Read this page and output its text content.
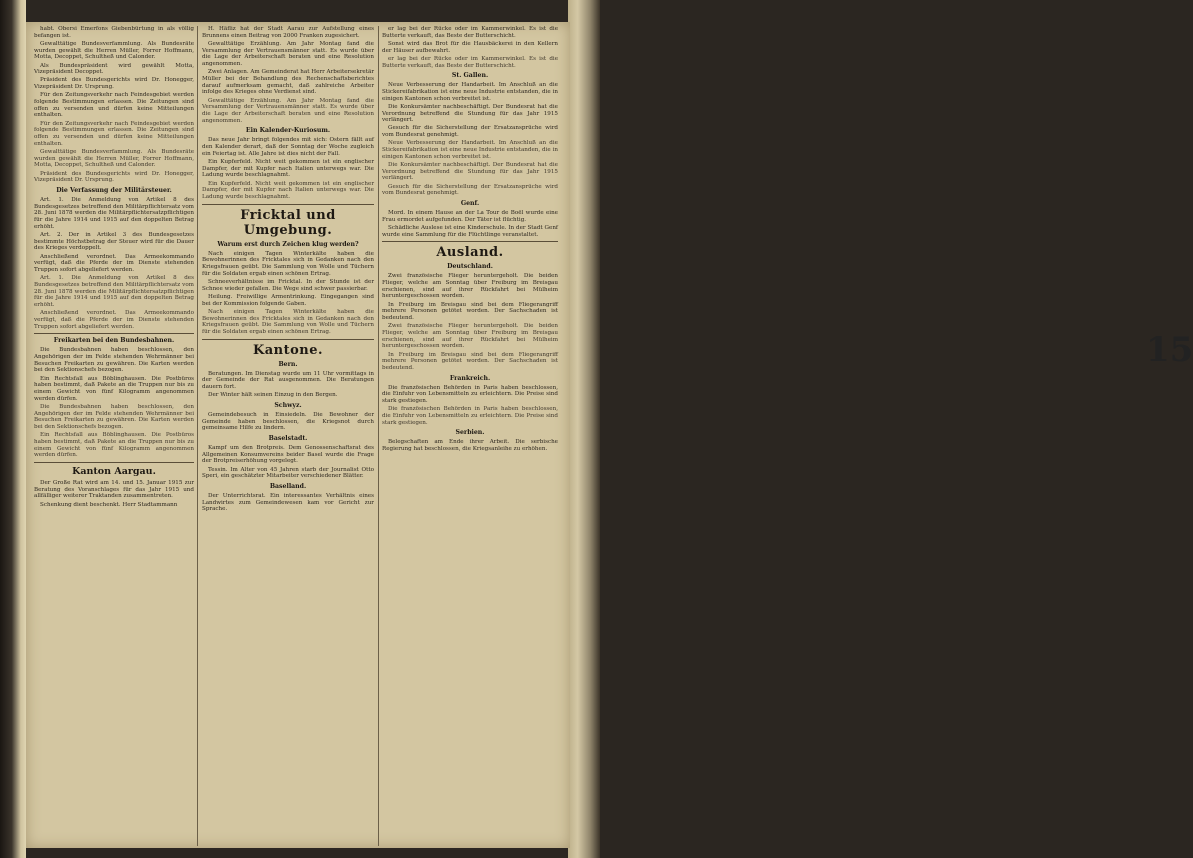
15

habt. Obersi Emerfons Giebenbürtung in als völlig befangen ist.

Gewalttätige Bundesverfammlung. Als Bundesräte wurden gewählt die Herren Müller, Forrer Hoffmann, Motta, Decoppet, Schultheß und Calonder.

Als Bundespräsident wird gewählt Motta, Vizepräsident Decoppet.

Präsident des Bundesgerichts wird Dr. Honegger, Vizepräsident Dr. Ursprung.

Für den Zeitungsverkehr nach Feindesgebiet werden folgende Bestimmungen erlassen. Die Zeitungen sind offen zu versenden und dürfen keine Mitteilungen enthalten.

Für den Zeitungsverkehr nach Feindesgebiet werden folgende Bestimmungen erlassen. Die Zeitungen sind offen zu versenden und dürfen keine Mitteilungen enthalten.

Gewalttätige Bundesverfammlung. Als Bundesräte wurden gewählt die Herren Müller, Forrer Hoffmann, Motta, Decoppet, Schultheß und Calonder.

Präsident des Bundesgerichts wird Dr. Honegger, Vizepräsident Dr. Ursprung.

Die Verfassung der Militärsteuer.

Art. 1. Die Anmeldung von Artikel 8 des Bundesgesetzes betreffend den Militärpflichtersatz vom 28. Juni 1878 werden die Militärpflichtersatzpflichtigen für die Jahre 1914 und 1915 auf den doppelten Betrag erhöht.

Art. 2. Der in Artikel 3 des Bundesgesetzes bestimmte Höchstbetrag der Steuer wird für die Dauer des Krieges verdoppelt.

Anschließend verordnet. Das Armeekommando verfügt, daß die Pferde der im Dienste stehenden Truppen sofort abgeliefert werden.

Art. 1. Die Anmeldung von Artikel 8 des Bundesgesetzes betreffend den Militärpflichtersatz vom 28. Juni 1878 werden die Militärpflichtersatzpflichtigen für die Jahre 1914 und 1915 auf den doppelten Betrag erhöht.

Anschließend verordnet. Das Armeekommando verfügt, daß die Pferde der im Dienste stehenden Truppen sofort abgeliefert werden.

Freikarten bei den Bundesbahnen.

Die Bundesbahnen haben beschlossen, den Angehörigen der im Felde stehenden Wehrmänner bei Besuchen Freikarten zu gewähren. Die Karten werden bei den Sektionschefs bezogen.

Ein Rechtsfall aus Böblinghausen. Die Postbüros haben bestimmt, daß Pakete an die Truppen nur bis zu einem Gewicht von fünf Kilogramm angenommen werden dürfen.

Die Bundesbahnen haben beschlossen, den Angehörigen der im Felde stehenden Wehrmänner bei Besuchen Freikarten zu gewähren. Die Karten werden bei den Sektionschefs bezogen.

Ein Rechtsfall aus Böblinghausen. Die Postbüros haben bestimmt, daß Pakete an die Truppen nur bis zu einem Gewicht von fünf Kilogramm angenommen werden dürfen.

Kanton Aargau.

Der Große Rat wird am 14. und 15. Januar 1915 zur Beratung des Voranschlages für das Jahr 1915 und allfälliger weiterer Traktanden zusammentreten.

Schenkung dient beschenkt. Herr Stadtammann

H. Häfliz hat der Stadt Aarau zur Aufstellung eines Brunnens einen Beitrag von 2000 Franken zugesichert.

Gewalttätige Erzählung. Am Jahr Montag fand die Versammlung der Vertrauensmänner statt. Es wurde über die Lage der Arbeiterschaft beraten und eine Resolution angenommen.

Zwei Anlagen. Am Gemeinderat hat Herr Arbeitersekretär Müller bei der Behandlung des Rechenschaftsberichtes darauf aufmerksam gemacht, daß zahlreiche Arbeiter infolge des Krieges ohne Verdienst sind.

Gewalttätige Erzählung. Am Jahr Montag fand die Versammlung der Vertrauensmänner statt. Es wurde über die Lage der Arbeiterschaft beraten und eine Resolution angenommen.

Ein Kalender-Kuriosum.

Das neue Jahr bringt folgendes mit sich: Ostern fällt auf den Kalender derart, daß der Sonntag der Woche zugleich ein Feiertag ist. Alle Jahre ist dies nicht der Fall.

Ein Kupferfeld. Nicht weit gekommen ist ein englischer Dampfer, der mit Kupfer nach Italien unterwegs war. Die Ladung wurde beschlagnahmt.

Ein Kupferfeld. Nicht weit gekommen ist ein englischer Dampfer, der mit Kupfer nach Italien unterwegs war. Die Ladung wurde beschlagnahmt.

Fricktal und Umgebung.
Warum erst durch Zeichen klug werden?

Nach einigen Tagen Winterkälte haben die Bewohnerinnen des Fricktales sich in Gedanken nach den Kriegsfrauen geübt. Die Sammlung von Wolle und Tüchern für die Soldaten ergab einen schönen Ertrag.

Schneeverhältnisse im Fricktal. In der Stunde ist der Schnee wieder gefallen. Die Wege sind schwer passierbar.

Heilung. Freiwillige Armentrinkung. Eingegangen sind bei der Kommission folgende Gaben.

Nach einigen Tagen Winterkälte haben die Bewohnerinnen des Fricktales sich in Gedanken nach den Kriegsfrauen geübt. Die Sammlung von Wolle und Tüchern für die Soldaten ergab einen schönen Ertrag.

Kantone.
Bern.

Beratungen. Im Dienstag wurde um 11 Uhr vormittags in der Gemeinde der Rat ausgenommen. Die Beratungen dauern fort.

Der Winter hält seinen Einzug in den Bergen.

Schwyz.

Gemeindebesuch in Einsiedeln. Die Bewohner der Gemeinde haben beschlossen, die Kriegsnot durch gemeinsame Hilfe zu lindern.

Baselstadt.

Kampf um den Brotpreis. Dem Genossenschaftsrat des Allgemeinen Konsumvereins beider Basel wurde die Frage der Brotpreiserhöhung vorgelegt.

Tessin. Im Alter von 45 Jahren starb der Journalist Otto Speri, ein geschätzter Mitarbeiter verschiedener Blätter.

Baselland.

Der Unterrichtsrat. Ein interessantes Verhältnis eines Landwirtes zum Gemeindewesen kam vor Gericht zur Sprache.

er lag bei der Rücke oder im Kammerwinkel. Es ist die Butterte verkauft, das Beste der Butterschicht.

Sonst wird das Brot für die Hausbäckerei in den Kellern der Häuser aufbewahrt.

er lag bei der Rücke oder im Kammerwinkel. Es ist die Butterte verkauft, das Beste der Butterschicht.

St. Gallen.

Neue Verbesserung der Handarbeit. Im Anschluß an die Stickereifabrikation ist eine neue Industrie entstanden, die in einigen Kantonen schon verbreitet ist.

Die Konkursämter nachbeschäftigt. Der Bundesrat hat die Verordnung betreffend die Stundung für das Jahr 1915 verlängert.

Gesuch für die Sicherstellung der Ersatzansprüche wird vom Bundesrat genehmigt.

Neue Verbesserung der Handarbeit. Im Anschluß an die Stickereifabrikation ist eine neue Industrie entstanden, die in einigen Kantonen schon verbreitet ist.

Die Konkursämter nachbeschäftigt. Der Bundesrat hat die Verordnung betreffend die Stundung für das Jahr 1915 verlängert.

Gesuch für die Sicherstellung der Ersatzansprüche wird vom Bundesrat genehmigt.

Genf.

Mord. In einem Hause an der La Tour de Boël wurde eine Frau ermordet aufgefunden. Der Täter ist flüchtig.

Schädliche Auslese ist eine Kinderschule. In der Stadt Genf wurde eine Sammlung für die Flüchtlinge veranstaltet.

Ausland.
Deutschland.

Zwei französische Flieger heruntergeholt. Die beiden Flieger, welche am Sonntag über Freiburg im Breisgau erschienen, sind auf ihrer Rückfahrt bei Mülheim heruntergeschossen worden.

In Freiburg im Breisgau sind bei dem Fliegerangriff mehrere Personen getötet worden. Der Sachschaden ist bedeutend.

Zwei französische Flieger heruntergeholt. Die beiden Flieger, welche am Sonntag über Freiburg im Breisgau erschienen, sind auf ihrer Rückfahrt bei Mülheim heruntergeschossen worden.

In Freiburg im Breisgau sind bei dem Fliegerangriff mehrere Personen getötet worden. Der Sachschaden ist bedeutend.

Frankreich.

Die französischen Behörden in Paris haben beschlossen, die Einfuhr von Lebensmitteln zu erleichtern. Die Preise sind stark gestiegen.

Die französischen Behörden in Paris haben beschlossen, die Einfuhr von Lebensmitteln zu erleichtern. Die Preise sind stark gestiegen.

Serbien.

Belegschaften am Ende ihrer Arbeit. Die serbische Regierung hat beschlossen, die Kriegsanleihe zu erhöhen.
